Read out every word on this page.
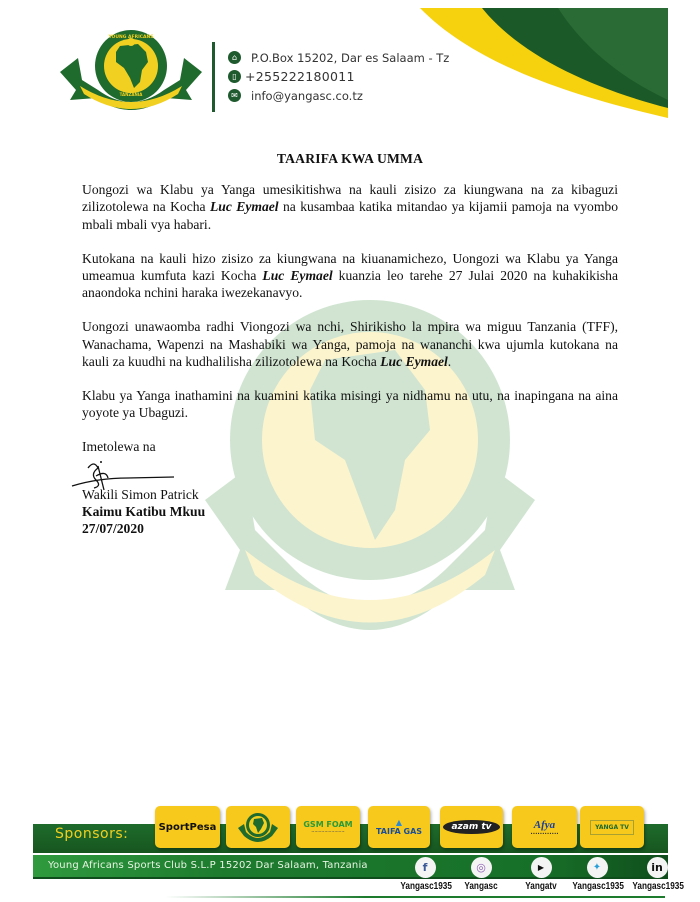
YOUNG AFRICANS
TANZANIA
⌂	P.O.Box 15202, Dar es Salaam - Tz
▯ +255222180011
✉ info@yangasc.co.tz
TAARIFA KWA UMMA

Uongozi wa Klabu ya Yanga umesikitishwa na kauli zisizo za kiungwana na za kibaguzi zilizotolewa na Kocha Luc Eymael na kusambaa katika mitandao ya kijamii pamoja na vyombo mbali mbali vya habari.

Kutokana na kauli hizo zisizo za kiungwana na kiuanamichezo, Uongozi wa Klabu ya Yanga umeamua kumfuta kazi Kocha Luc Eymael kuanzia leo tarehe 27 Julai 2020 na kuhakikisha anaondoka nchini haraka iwezekanavyo.

Uongozi unawaomba radhi Viongozi wa nchi, Shirikisho la mpira wa miguu Tanzania (TFF), Wanachama, Wapenzi na Mashabiki wa Yanga, pamoja na wananchi kwa ujumla kutokana na kauli za kuudhi na kudhalilisha zilizotolewa na Kocha Luc Eymael.

Klabu ya Yanga inathamini na kuamini katika misingi ya nidhamu na utu, na inapingana na aina yoyote ya Ubaguzi.

Imetolewa na
Wakili Simon Patrick
Kaimu Katibu Mkuu
27/07/2020
Sponsors:	SportPesa	GSM FOAM
~~~~~~~~~~
▲
TAIFA GAS	azam tv	Afya
••••••••••••
YANGA TV
Young Africans Sports Club S.L.P 15202 Dar Salaam, Tanzania	f
Yangasc1935
◎
Yangasc
▶
Yangatv
✦
Yangasc1935
in
Yangasc1935
